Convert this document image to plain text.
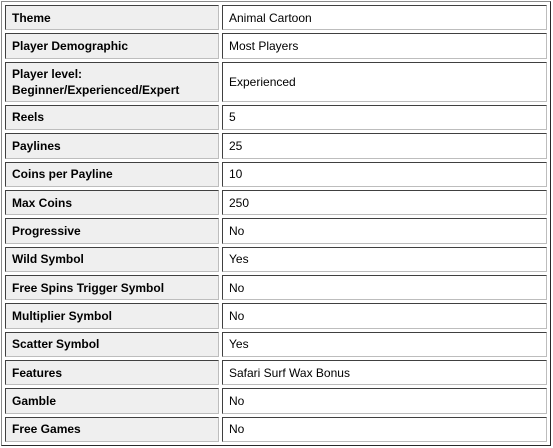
Theme	Animal Cartoon
Player Demographic	Most Players
Player level:
Beginner/Experienced/Expert	Experienced
Reels	5
Paylines	25
Coins per Payline	10
Max Coins	250
Progressive	No
Wild Symbol	Yes
Free Spins Trigger Symbol	No
Multiplier Symbol	No
Scatter Symbol	Yes
Features	Safari Surf Wax Bonus
Gamble	No
Free Games	No
